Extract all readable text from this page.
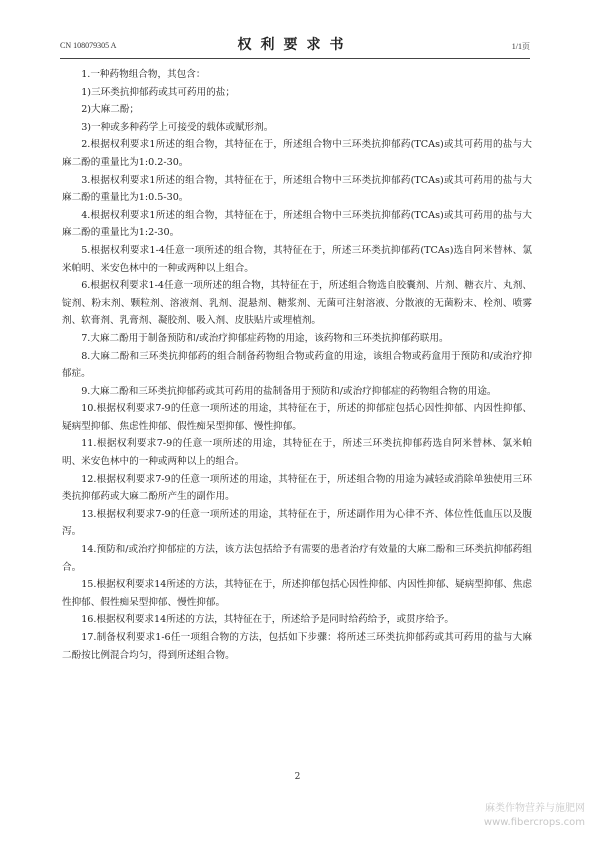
CN 108079305 A	权利要求书	1/1页

1.一种药物组合物，其包含：

1)三环类抗抑郁药或其可药用的盐；

2)大麻二酚；

3)一种或多种药学上可接受的载体或赋形剂。

2.根据权利要求1所述的组合物，其特征在于，所述组合物中三环类抗抑郁药(TCAs)或其可药用的盐与大麻二酚的重量比为1:0.2-30。

3.根据权利要求1所述的组合物，其特征在于，所述组合物中三环类抗抑郁药(TCAs)或其可药用的盐与大麻二酚的重量比为1:0.5-30。

4.根据权利要求1所述的组合物，其特征在于，所述组合物中三环类抗抑郁药(TCAs)或其可药用的盐与大麻二酚的重量比为1:2-30。

5.根据权利要求1-4任意一项所述的组合物，其特征在于，所述三环类抗抑郁药(TCAs)选自阿米替林、氯米帕明、米安色林中的一种或两种以上组合。

6.根据权利要求1-4任意一项所述的组合物，其特征在于，所述组合物选自胶囊剂、片剂、糖衣片、丸剂、锭剂、粉末剂、颗粒剂、溶液剂、乳剂、混悬剂、糖浆剂、无菌可注射溶液、分散液的无菌粉末、栓剂、喷雾剂、软膏剂、乳膏剂、凝胶剂、吸入剂、皮肤贴片或埋植剂。

7.大麻二酚用于制备预防和/或治疗抑郁症药物的用途，该药物和三环类抗抑郁药联用。

8.大麻二酚和三环类抗抑郁药的组合制备药物组合物或药盒的用途，该组合物或药盒用于预防和/或治疗抑郁症。

9.大麻二酚和三环类抗抑郁药或其可药用的盐制备用于预防和/或治疗抑郁症的药物组合物的用途。

10.根据权利要求7-9的任意一项所述的用途，其特征在于，所述的抑郁症包括心因性抑郁、内因性抑郁、疑病型抑郁、焦虑性抑郁、假性痴呆型抑郁、慢性抑郁。

11.根据权利要求7-9的任意一项所述的用途，其特征在于，所述三环类抗抑郁药选自阿米替林、氯米帕明、米安色林中的一种或两种以上的组合。

12.根据权利要求7-9的任意一项所述的用途，其特征在于，所述组合物的用途为减轻或消除单独使用三环类抗抑郁药或大麻二酚所产生的副作用。

13.根据权利要求7-9的任意一项所述的用途，其特征在于，所述副作用为心律不齐、体位性低血压以及腹泻。

14.预防和/或治疗抑郁症的方法，该方法包括给予有需要的患者治疗有效量的大麻二酚和三环类抗抑郁药组合。

15.根据权利要求14所述的方法，其特征在于，所述抑郁包括心因性抑郁、内因性抑郁、疑病型抑郁、焦虑性抑郁、假性痴呆型抑郁、慢性抑郁。

16.根据权利要求14所述的方法，其特征在于，所述给予是同时给药给予，或贯序给予。

17.制备权利要求1-6任一项组合物的方法，包括如下步骤：将所述三环类抗抑郁药或其可药用的盐与大麻二酚按比例混合均匀，得到所述组合物。

2
麻类作物营养与施肥网
www.fibercrops.com
